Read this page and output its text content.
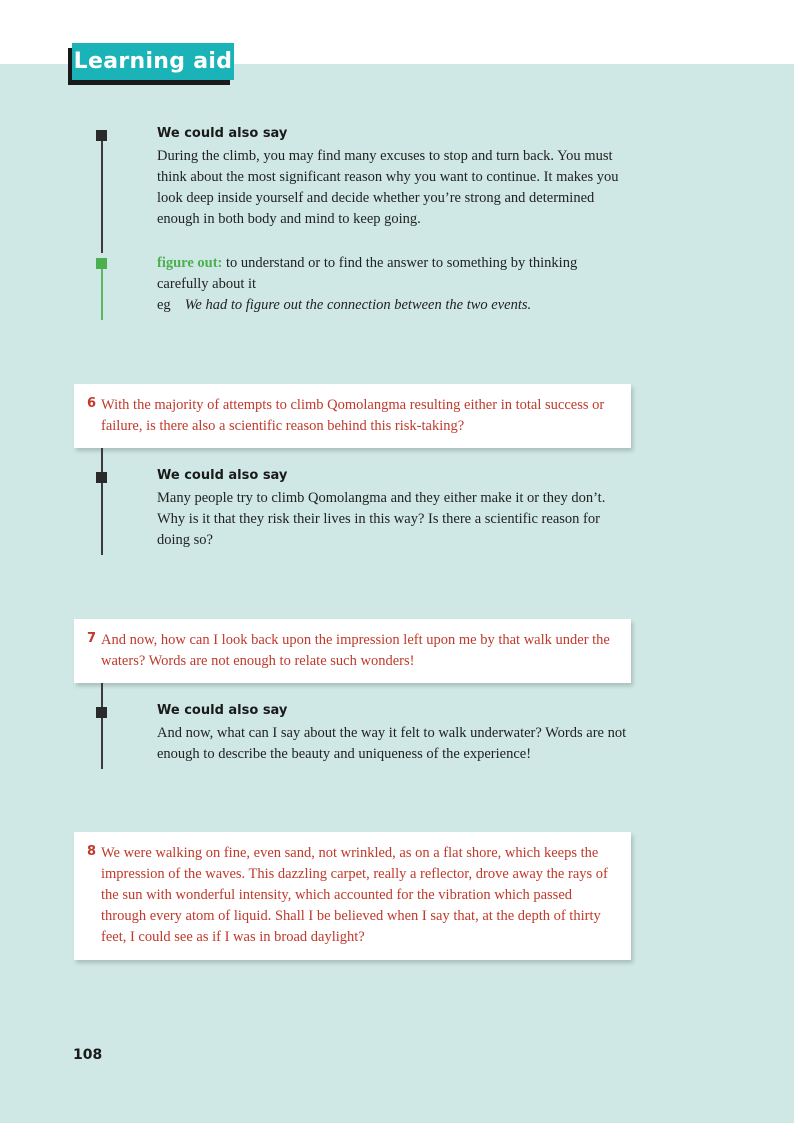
Learning aid
We could also say
During the climb, you may find many excuses to stop and turn back. You must think about the most significant reason why you want to continue. It makes you look deep inside yourself and decide whether you’re strong and determined enough in both body and mind to keep going.
figure out: to understand or to find the answer to something by thinking carefully about it
eg We had to figure out the connection between the two events.
6 With the majority of attempts to climb Qomolangma resulting either in total success or failure, is there also a scientific reason behind this risk-taking?
We could also say
Many people try to climb Qomolangma and they either make it or they don’t. Why is it that they risk their lives in this way? Is there a scientific reason for doing so?
7 And now, how can I look back upon the impression left upon me by that walk under the waters? Words are not enough to relate such wonders!
We could also say
And now, what can I say about the way it felt to walk underwater? Words are not enough to describe the beauty and uniqueness of the experience!
8 We were walking on fine, even sand, not wrinkled, as on a flat shore, which keeps the impression of the waves. This dazzling carpet, really a reflector, drove away the rays of the sun with wonderful intensity, which accounted for the vibration which passed through every atom of liquid. Shall I be believed when I say that, at the depth of thirty feet, I could see as if I was in broad daylight?
108
